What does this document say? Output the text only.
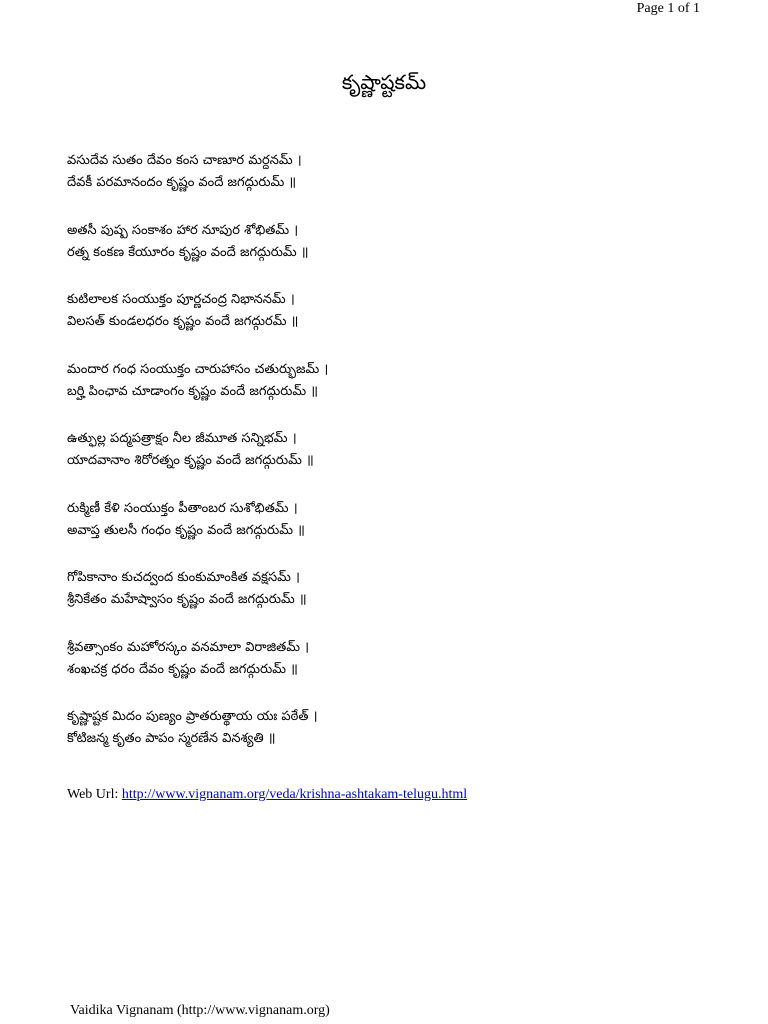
Page 1 of 1
కృష్ణాష్టకమ్
వసుదేవ సుతం దేవం కంస చాణూర మర్దనమ్ ।
దేవకీ పరమానందం కృష్ణం వందే జగద్గురుమ్ ॥
అతసీ పుష్ప సంకాశం హార నూపుర శోభితమ్ ।
రత్న కంకణ కేయూరం కృష్ణం వందే జగద్గురుమ్ ॥
కుటిలాలక సంయుక్తం పూర్ణచంద్ర నిభాననమ్ ।
విలసత్ కుండలధరం కృష్ణం వందే జగద్గురమ్ ॥
మందార గంధ సంయుక్తం చారుహాసం చతుర్భుజమ్ ।
బర్హి పింఛావ చూడాంగం కృష్ణం వందే జగద్గురుమ్ ॥
ఉత్ఫుల్ల పద్మపత్రాక్షం నీల జీమూత సన్నిభమ్ ।
యాదవానాం శిరోరత్నం కృష్ణం వందే జగద్గురుమ్ ॥
రుక్మిణీ కేళి సంయుక్తం పీతాంబర సుశోభితమ్ ।
అవాప్త తులసీ గంధం కృష్ణం వందే జగద్గురుమ్ ॥
గోపికానాం కుచద్వంద కుంకుమాంకిత వక్షసమ్ ।
శ్రీనికేతం మహేష్వాసం కృష్ణం వందే జగద్గురుమ్ ॥
శ్రీవత్సాంకం మహోరస్కం వనమాలా విరాజితమ్ ।
శంఖచక్ర ధరం దేవం కృష్ణం వందే జగద్గురుమ్ ॥
కృష్ణాష్టక మిదం పుణ్యం ప్రాతరుత్థాయ యః పఠేత్ ।
కోటిజన్మ కృతం పాపం స్మరణేన వినశ్యతి ॥
Web Url: http://www.vignanam.org/veda/krishna-ashtakam-telugu.html
Vaidika Vignanam (http://www.vignanam.org)
